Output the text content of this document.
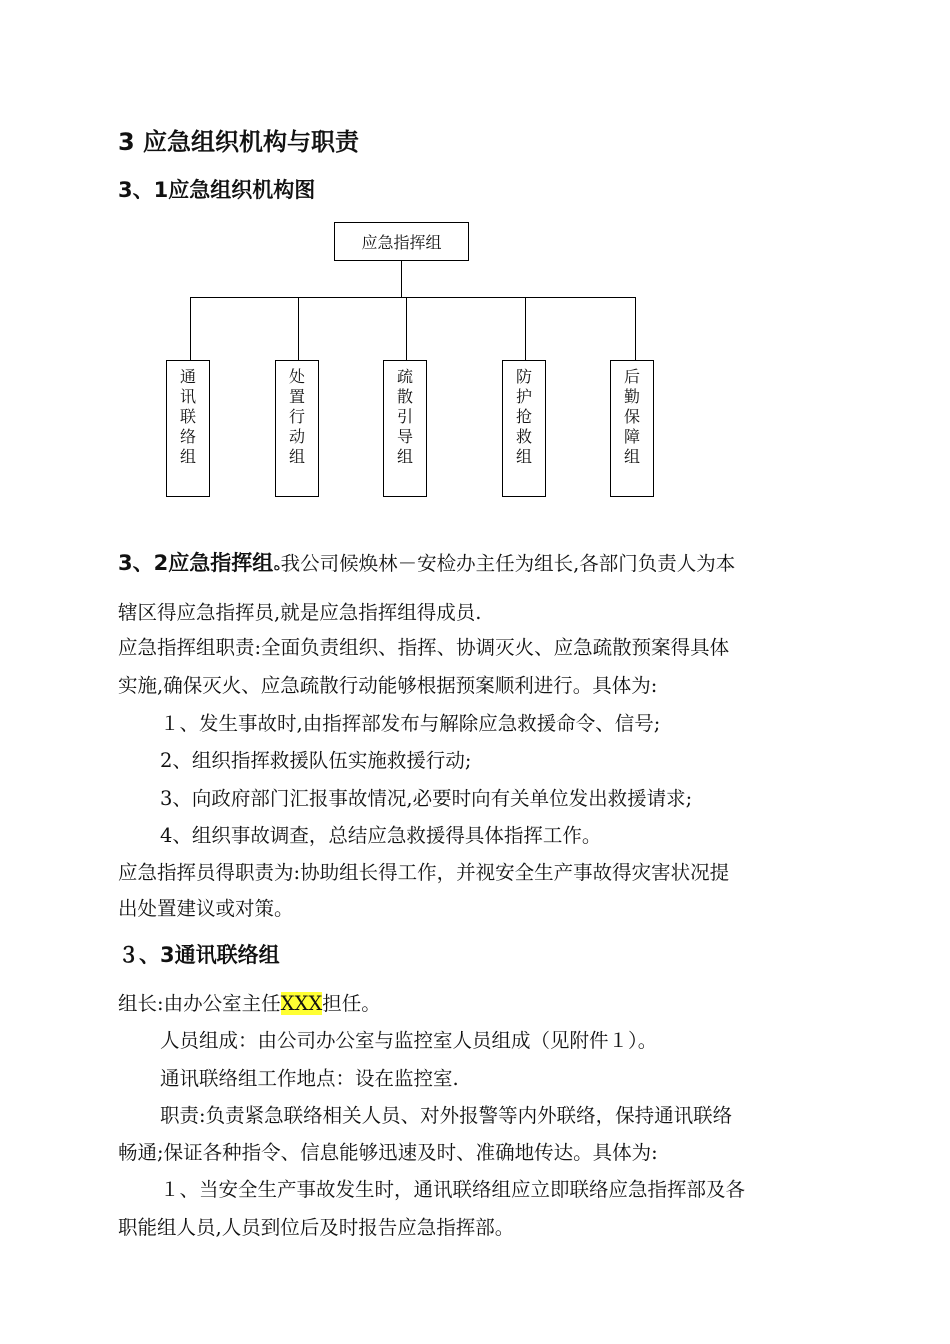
3 应急组织机构与职责
3、1应急组织机构图
应急指挥组
通讯联络组
处置行动组
疏散引导组
防护抢救组
后勤保障组
3、2应急指挥组ﻩ我公司候焕林－安检办主任为组长,各部门负责人为本
辖区得应急指挥员,就是应急指挥组得成员.
应急指挥组职责:全面负责组织、指挥、协调灭火、应急疏散预案得具体
实施,确保灭火、应急疏散行动能够根据预案顺利进行。具体为:
１、发生事故时,由指挥部发布与解除应急救援命令、信号;
2、组织指挥救援队伍实施救援行动;
3、向政府部门汇报事故情况,必要时向有关单位发出救援请求;
4、组织事故调查，总结应急救援得具体指挥工作。
应急指挥员得职责为:协助组长得工作，并视安全生产事故得灾害状况提
出处置建议或对策。
３、3通讯联络组
组长:由办公室主任XXX担任。
人员组成：由公司办公室与监控室人员组成（见附件１）。
通讯联络组工作地点：设在监控室.
职责:负责紧急联络相关人员、对外报警等内外联络，保持通讯联络
畅通;保证各种指令、信息能够迅速及时、准确地传达。具体为:
１、当安全生产事故发生时，通讯联络组应立即联络应急指挥部及各
职能组人员,人员到位后及时报告应急指挥部。
